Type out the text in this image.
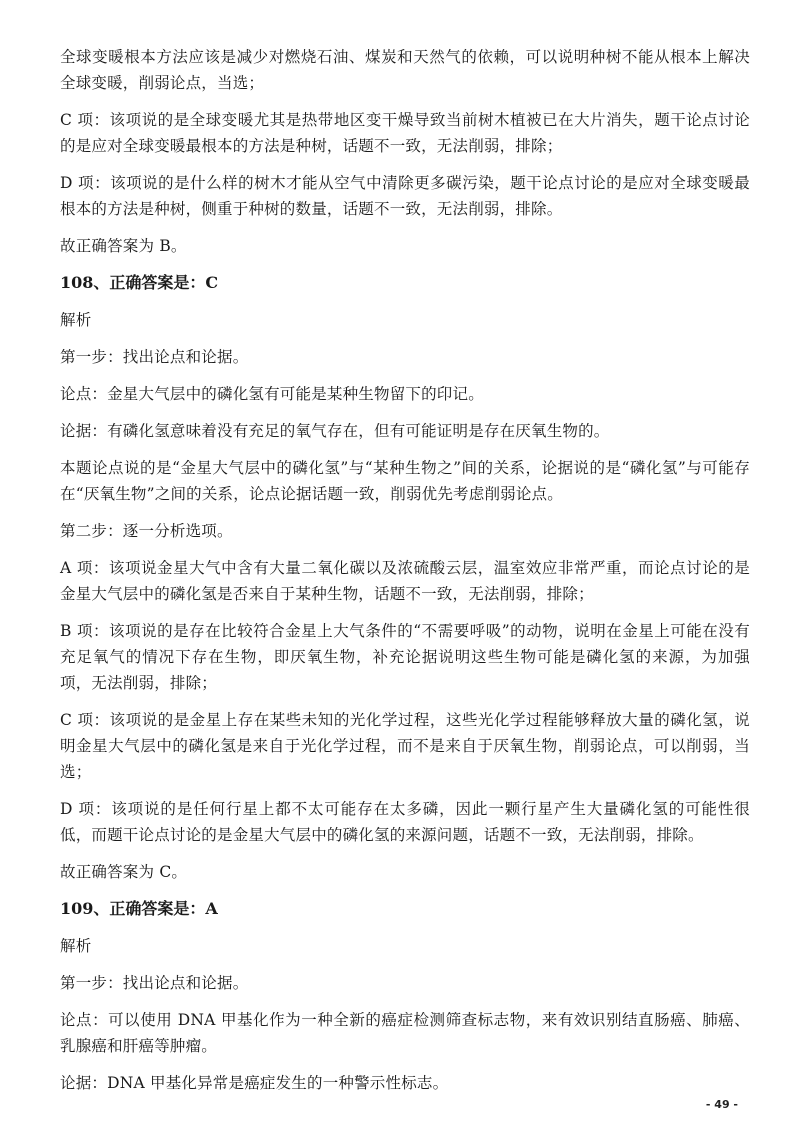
全球变暖根本方法应该是减少对燃烧石油、煤炭和天然气的依赖，可以说明种树不能从根本上解决全球变暖，削弱论点，当选；

C 项：该项说的是全球变暖尤其是热带地区变干燥导致当前树木植被已在大片消失，题干论点讨论的是应对全球变暖最根本的方法是种树，话题不一致，无法削弱，排除；

D 项：该项说的是什么样的树木才能从空气中清除更多碳污染，题干论点讨论的是应对全球变暖最根本的方法是种树，侧重于种树的数量，话题不一致，无法削弱，排除。

故正确答案为 B。

108、正确答案是：C

解析

第一步：找出论点和论据。

论点：金星大气层中的磷化氢有可能是某种生物留下的印记。

论据：有磷化氢意味着没有充足的氧气存在，但有可能证明是存在厌氧生物的。

本题论点说的是“金星大气层中的磷化氢”与“某种生物之”间的关系，论据说的是“磷化氢”与可能存在“厌氧生物”之间的关系，论点论据话题一致，削弱优先考虑削弱论点。

第二步：逐一分析选项。

A 项：该项说金星大气中含有大量二氧化碳以及浓硫酸云层，温室效应非常严重，而论点讨论的是金星大气层中的磷化氢是否来自于某种生物，话题不一致，无法削弱，排除；

B 项：该项说的是存在比较符合金星上大气条件的“不需要呼吸”的动物，说明在金星上可能在没有充足氧气的情况下存在生物，即厌氧生物，补充论据说明这些生物可能是磷化氢的来源，为加强项，无法削弱，排除；

C 项：该项说的是金星上存在某些未知的光化学过程，这些光化学过程能够释放大量的磷化氢，说明金星大气层中的磷化氢是来自于光化学过程，而不是来自于厌氧生物，削弱论点，可以削弱，当选；

D 项：该项说的是任何行星上都不太可能存在太多磷，因此一颗行星产生大量磷化氢的可能性很低，而题干论点讨论的是金星大气层中的磷化氢的来源问题，话题不一致，无法削弱，排除。

故正确答案为 C。

109、正确答案是：A

解析

第一步：找出论点和论据。

论点：可以使用 DNA 甲基化作为一种全新的癌症检测筛查标志物，来有效识别结直肠癌、肺癌、乳腺癌和肝癌等肿瘤。

论据：DNA 甲基化异常是癌症发生的一种警示性标志。

- 49 -
